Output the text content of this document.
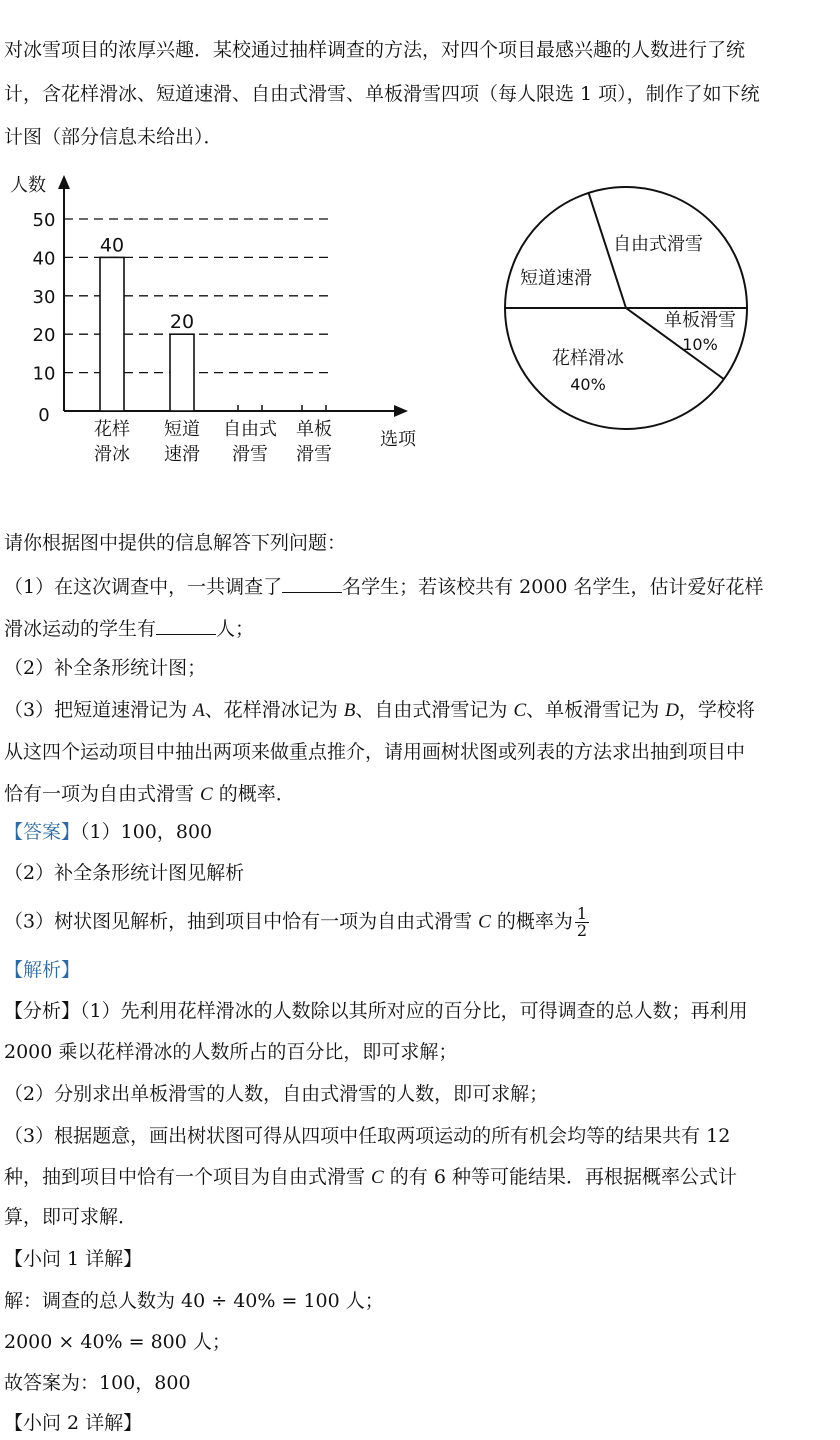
对冰雪项目的浓厚兴趣．某校通过抽样调查的方法，对四个项目最感兴趣的人数进行了统
计，含花样滑冰、短道速滑、自由式滑雪、单板滑雪四项（每人限选 1 项），制作了如下统
计图（部分信息未给出）．
人数
选项
0
10
20
30
40
50
花样
滑冰
40
短道
速滑
20
自由式
滑雪
单板
滑雪
花样滑冰
40%
单板滑雪
10%
自由式滑雪
短道速滑
请你根据图中提供的信息解答下列问题：
（1）在这次调查中，一共调查了	名学生；若该校共有 2000 名学生，估计爱好花样
滑冰运动的学生有	人；
（2）补全条形统计图；
（3）把短道速滑记为 A、花样滑冰记为 B、自由式滑雪记为 C、单板滑雪记为 D，学校将
从这四个运动项目中抽出两项来做重点推介，请用画树状图或列表的方法求出抽到项目中
恰有一项为自由式滑雪 C 的概率．
【答案】（1）100，800
（2）补全条形统计图见解析
（3）树状图见解析，抽到项目中恰有一项为自由式滑雪 C 的概率为 $\frac{1}{2}$
【解析】
【分析】（1）先利用花样滑冰的人数除以其所对应的百分比，可得调查的总人数；再利用
2000 乘以花样滑冰的人数所占的百分比，即可求解；
（2）分别求出单板滑雪的人数，自由式滑雪的人数，即可求解；
（3）根据题意，画出树状图可得从四项中任取两项运动的所有机会均等的结果共有 12
种，抽到项目中恰有一个项目为自由式滑雪 C 的有 6 种等可能结果．再根据概率公式计
算，即可求解．
【小问 1 详解】
解：调查的总人数为 40 ÷ 40% = 100 人；
2000 × 40% = 800 人；
故答案为：100，800
【小问 2 详解】
